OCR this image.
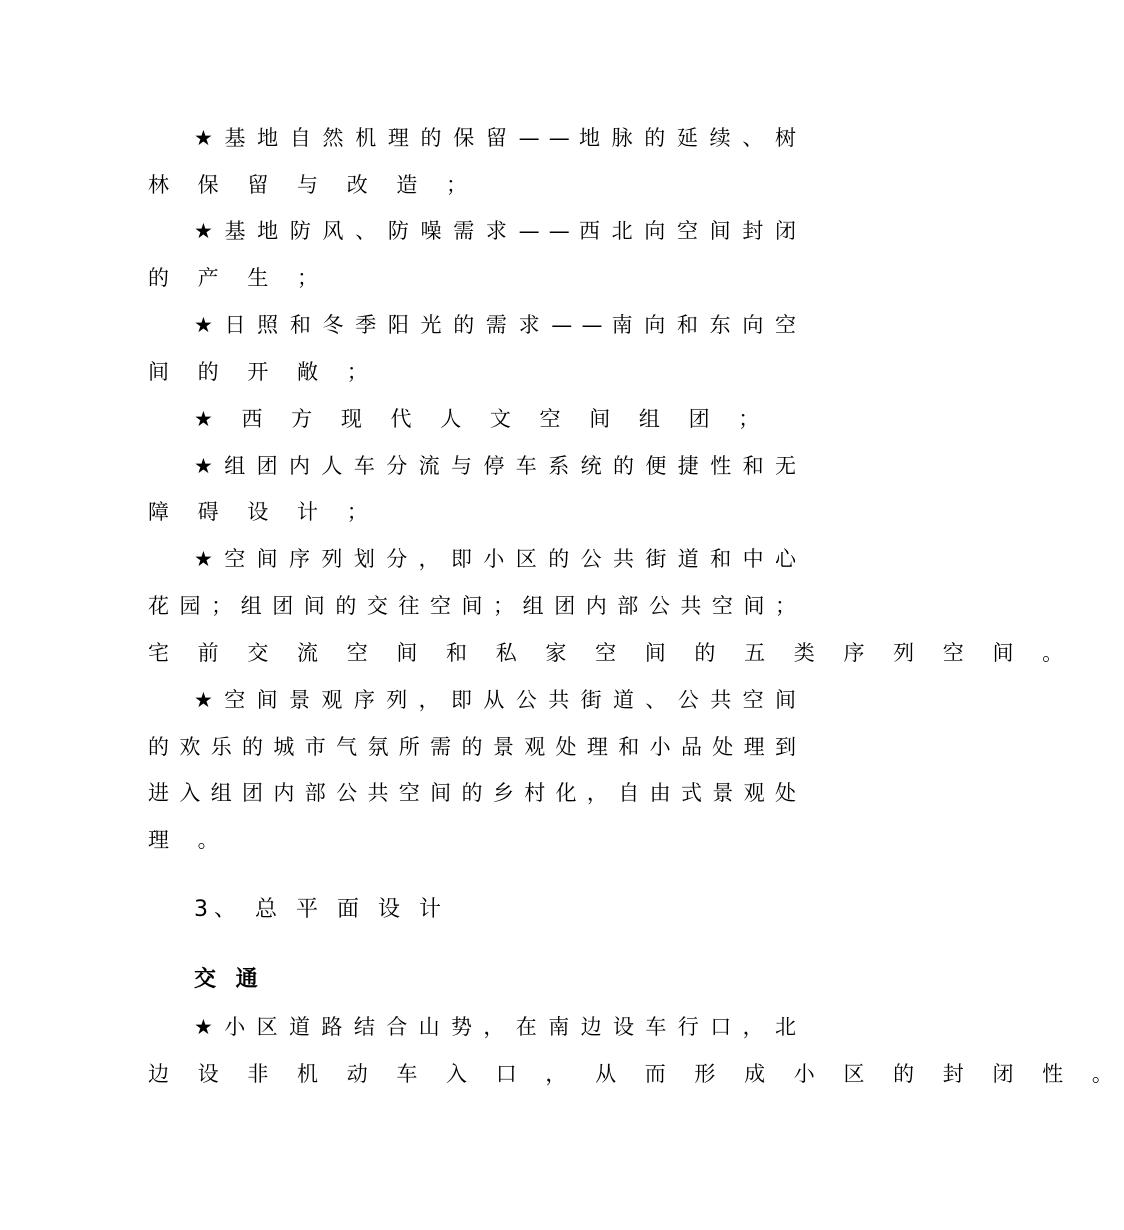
★ 基 地 自 然 机 理 的 保 留 — — 地 脉 的 延 续 、 树
林 保 留 与 改 造 ；
★ 基 地 防 风 、 防 噪 需 求 — — 西 北 向 空 间 封 闭
的 产 生 ；
★ 日 照 和 冬 季 阳 光 的 需 求 — — 南 向 和 东 向 空
间 的 开 敞 ；
★ 西 方 现 代 人 文 空 间 组 团 ；
★ 组 团 内 人 车 分 流 与 停 车 系 统 的 便 捷 性 和 无
障 碍 设 计 ；
★ 空 间 序 列 划 分 ， 即 小 区 的 公 共 街 道 和 中 心
花 园 ； 组 团 间 的 交 往 空 间 ； 组 团 内 部 公 共 空 间 ；
宅 前 交 流 空 间 和 私 家 空 间 的 五 类 序 列 空 间 。
★ 空 间 景 观 序 列 ， 即 从 公 共 街 道 、 公 共 空 间
的 欢 乐 的 城 市 气 氛 所 需 的 景 观 处 理 和 小 品 处 理 到
进 入 组 团 内 部 公 共 空 间 的 乡 村 化 ， 自 由 式 景 观 处
理 。
3、 总 平 面 设 计
交 通
★ 小 区 道 路 结 合 山 势 ， 在 南 边 设 车 行 口 ， 北
边 设 非 机 动 车 入 口 ， 从 而 形 成 小 区 的 封 闭 性 。
